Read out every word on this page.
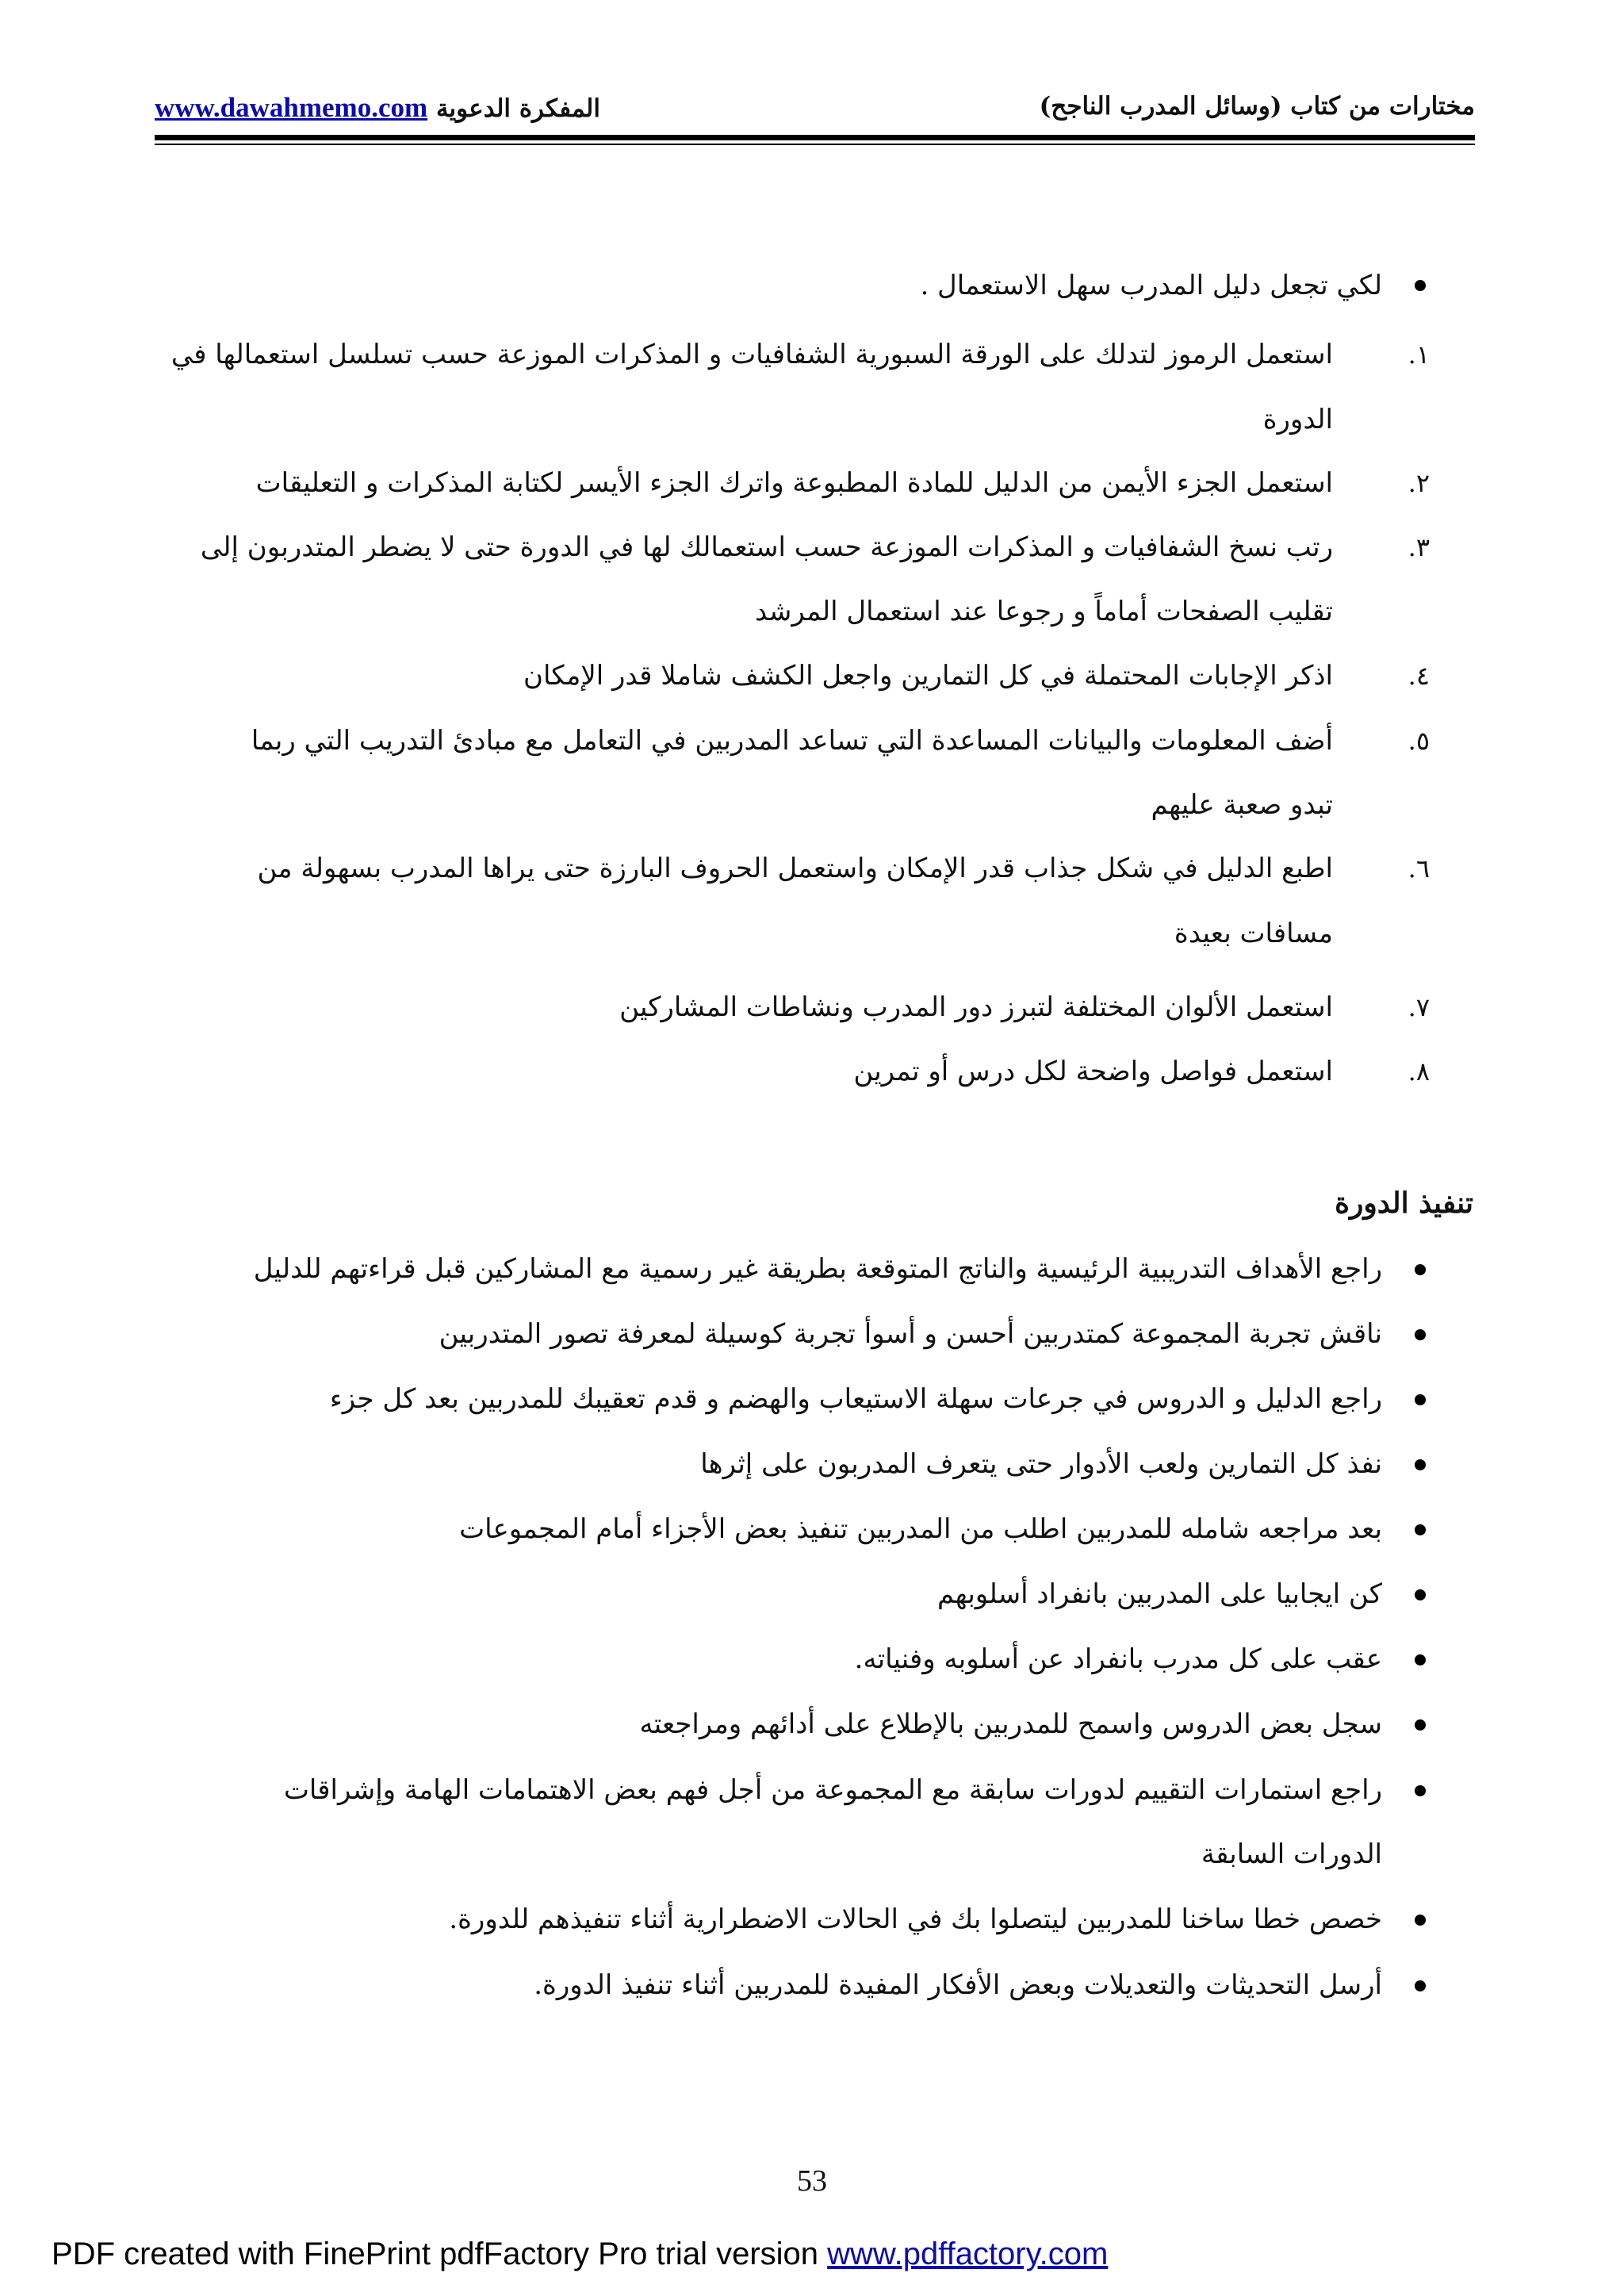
المفكرة الدعوية www.dawahmemo.com	مختارات من كتاب (وسائل المدرب الناجح)
لكي تجعل دليل المدرب سهل الاستعمال .
١.
استعمل الرموز لتدلك على الورقة السبورية الشفافيات و المذكرات الموزعة حسب تسلسل استعمالها في
الدورة
٢.
استعمل الجزء الأيمن من الدليل للمادة المطبوعة واترك الجزء الأيسر لكتابة المذكرات و التعليقات
٣.
رتب نسخ الشفافيات و المذكرات الموزعة حسب استعمالك لها في الدورة حتى لا يضطر المتدربون إلى
تقليب الصفحات أماماً و رجوعا عند استعمال المرشد
٤.
اذكر الإجابات المحتملة في كل التمارين واجعل الكشف شاملا قدر الإمكان
٥.
أضف المعلومات والبيانات المساعدة التي تساعد المدربين في التعامل مع مبادئ التدريب التي ربما
تبدو صعبة عليهم
٦.
اطبع الدليل في شكل جذاب قدر الإمكان واستعمل الحروف البارزة حتى يراها المدرب بسهولة من
مسافات بعيدة
٧.
استعمل الألوان المختلفة لتبرز دور المدرب ونشاطات المشاركين
٨.
استعمل فواصل واضحة لكل درس أو تمرين
تنفيذ الدورة
راجع الأهداف التدريبية الرئيسية والناتج المتوقعة بطريقة غير رسمية مع المشاركين قبل قراءتهم للدليل
ناقش تجربة المجموعة كمتدربين أحسن و أسوأ تجربة كوسيلة لمعرفة تصور المتدربين
راجع الدليل و الدروس في جرعات سهلة الاستيعاب والهضم و قدم تعقيبك للمدربين بعد كل جزء
نفذ كل التمارين ولعب الأدوار حتى يتعرف المدربون على إثرها
بعد مراجعه شامله للمدربين اطلب من المدربين تنفيذ بعض الأجزاء أمام المجموعات
كن ايجابيا على المدربين بانفراد أسلوبهم
عقب على كل مدرب بانفراد عن أسلوبه وفنياته.
سجل بعض الدروس واسمح للمدربين بالإطلاع على أدائهم ومراجعته
راجع استمارات التقييم لدورات سابقة مع المجموعة من أجل فهم بعض الاهتمامات الهامة وإشراقات
الدورات السابقة
خصص خطا ساخنا للمدربين ليتصلوا بك في الحالات الاضطرارية أثناء تنفيذهم للدورة.
أرسل التحديثات والتعديلات وبعض الأفكار المفيدة للمدربين أثناء تنفيذ الدورة.
53
PDF created with FinePrint pdfFactory Pro trial version www.pdffactory.com
